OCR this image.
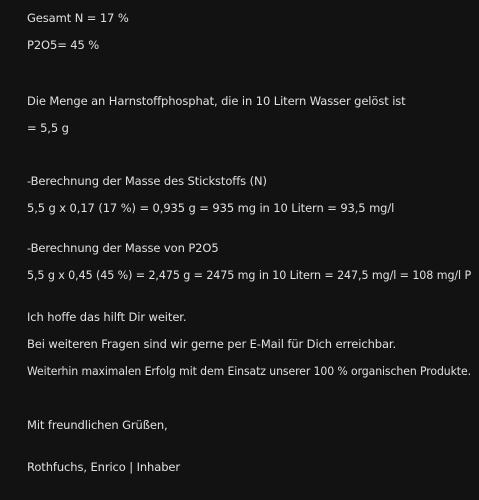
Gesamt N = 17 %
P2O5= 45 %
Die Menge an Harnstoffphosphat, die in 10 Litern Wasser gelöst ist
= 5,5 g
-Berechnung der Masse des Stickstoffs (N)
5,5 g x 0,17 (17 %) = 0,935 g = 935 mg in 10 Litern = 93,5 mg/l
-Berechnung der Masse von P2O5
5,5 g x 0,45 (45 %) = 2,475 g = 2475 mg in 10 Litern = 247,5 mg/l = 108 mg/l P
Ich hoffe das hilft Dir weiter.
Bei weiteren Fragen sind wir gerne per E-Mail für Dich erreichbar.
Weiterhin maximalen Erfolg mit dem Einsatz unserer 100 % organischen Produkte.
Mit freundlichen Grüßen,
Rothfuchs, Enrico | Inhaber
